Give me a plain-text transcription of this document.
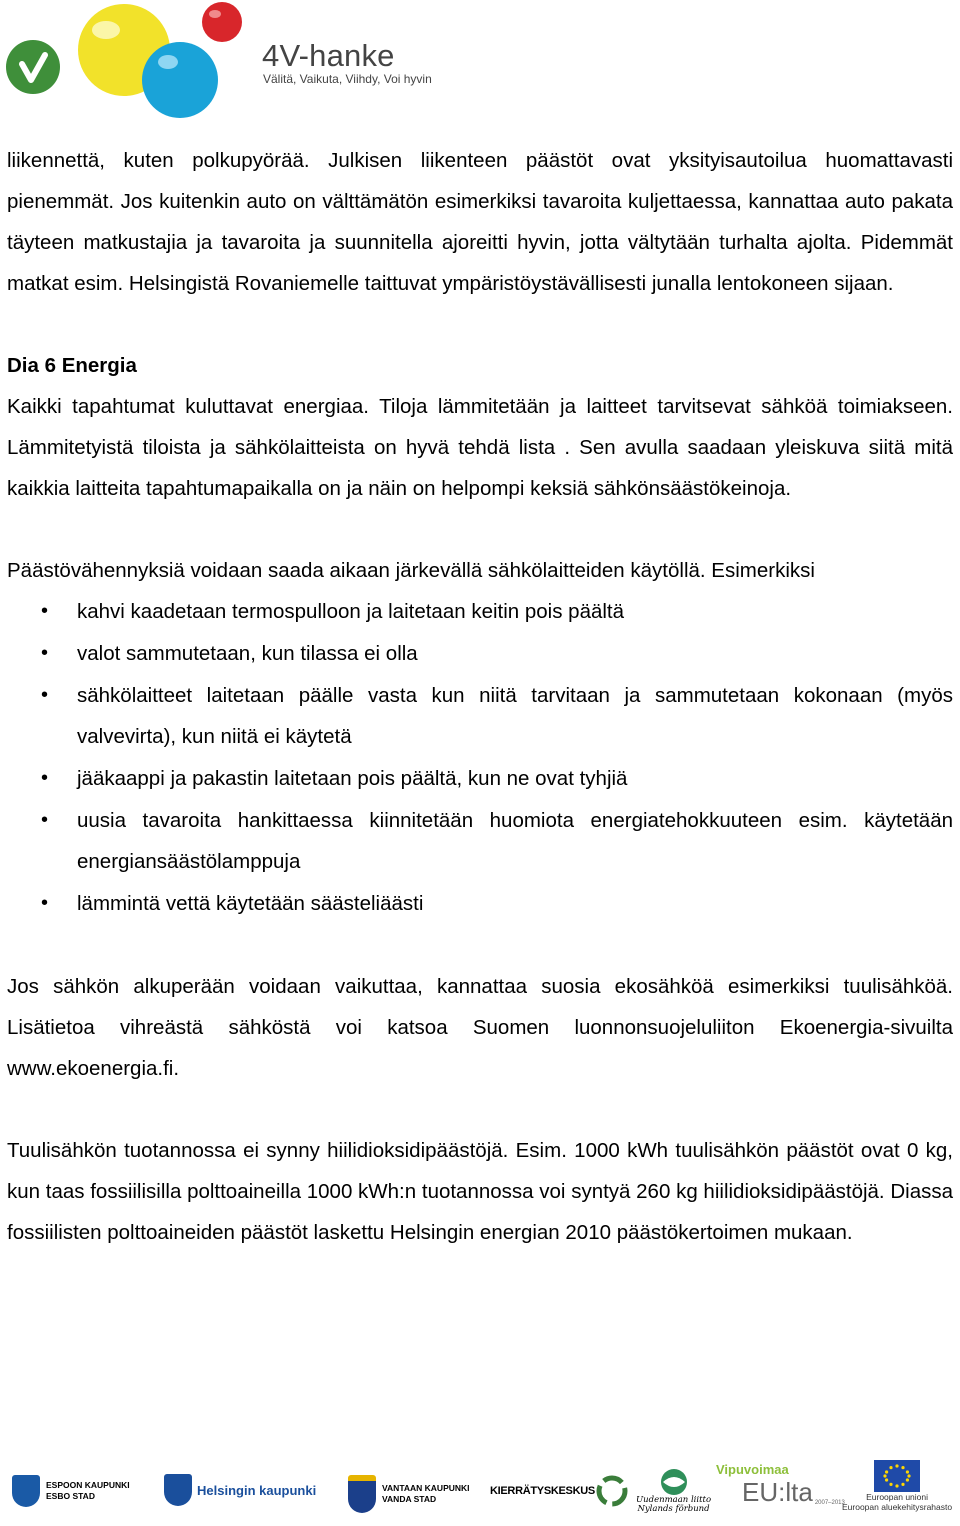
4V-hanke
Välitä, Vaikuta, Viihdy, Voi hyvin

liikennettä, kuten polkupyörää. Julkisen liikenteen päästöt ovat yksityisautoilua huomattavasti pienemmät. Jos kuitenkin auto on välttämätön esimerkiksi tavaroita kuljettaessa, kannattaa auto pakata täyteen matkustajia ja tavaroita ja suunnitella ajoreitti hyvin, jotta vältytään turhalta ajolta. Pidemmät matkat esim. Helsingistä Rovaniemelle taittuvat ympäristöystävällisesti junalla lentokoneen sijaan.

Dia 6 Energia

Kaikki tapahtumat kuluttavat energiaa. Tiloja lämmitetään ja laitteet tarvitsevat sähköä toimiakseen. Lämmitetyistä tiloista ja sähkölaitteista on hyvä tehdä lista . Sen avulla saadaan yleiskuva siitä mitä kaikkia laitteita tapahtumapaikalla on ja näin on helpompi keksiä sähkönsäästökeinoja.

Päästövähennyksiä voidaan saada aikaan järkevällä sähkölaitteiden käytöllä. Esimerkiksi

• kahvi kaadetaan termospulloon ja laitetaan keitin pois päältä
• valot sammutetaan, kun tilassa ei olla
• sähkölaitteet laitetaan päälle vasta kun niitä tarvitaan ja sammutetaan kokonaan (myös valvevirta), kun niitä ei käytetä
• jääkaappi ja pakastin laitetaan pois päältä, kun ne ovat tyhjiä
• uusia tavaroita hankittaessa kiinnitetään huomiota energiatehokkuuteen esim. käytetään energiansäästölamppuja
• lämmintä vettä käytetään säästeliäästi

Jos sähkön alkuperään voidaan vaikuttaa, kannattaa suosia ekosähköä esimerkiksi tuulisähköä. Lisätietoa vihreästä sähköstä voi katsoa Suomen luonnonsuojeluliiton Ekoenergia-sivuilta www.ekoenergia.fi.

Tuulisähkön tuotannossa ei synny hiilidioksidipäästöjä. Esim. 1000 kWh tuulisähkön päästöt ovat 0 kg, kun taas fossiilisilla polttoaineilla 1000 kWh:n tuotannossa voi syntyä 260 kg hiilidioksidipäästöjä. Diassa fossiilisten polttoaineiden päästöt laskettu Helsingin energian 2010 päästökertoimen mukaan.

ESPOON KAUPUNKI
ESBO STAD	Helsingin kaupunki	VANTAAN KAUPUNKI
VANDA STAD
KIERRÄTYSKESKUS
Uudenmaan liitto
Nylands förbund
Vipuvoimaa
EU:lta 2007–2013
Euroopan unioni
Euroopan aluekehitysrahasto
